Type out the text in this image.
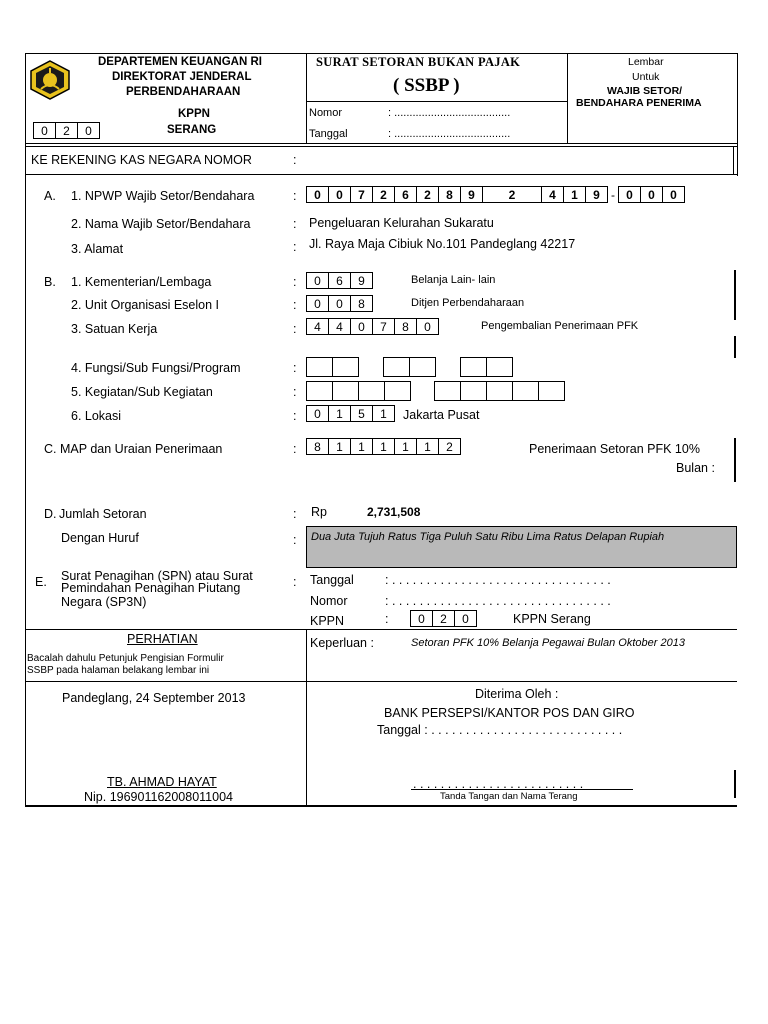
DEPARTEMEN KEUANGAN RI
DIREKTORAT JENDERAL
PERBENDAHARAAN
KPPN
SERANG
0	2	0
SURAT SETORAN BUKAN PAJAK
( SSBP )
Nomor	: ......................................
Tanggal	: ......................................
Lembar
Untuk
WAJIB SETOR/
BENDAHARA PENERIMA
KE REKENING KAS NEGARA NOMOR	:
A. 1. NPWP Wajib Setor/Bendahara	:	0	0	7	2	6	2	8	9	2	4	1	9 - 0	0	0
2. Nama Wajib Setor/Bendahara	: Pengeluaran Kelurahan Sukaratu
3. Alamat	: Jl. Raya Maja Cibiuk No.101 Pandeglang 42217
B. 1. Kementerian/Lembaga	:	0	6	9	Belanja Lain- lain
2. Unit Organisasi Eselon I	:	0	0	8	Ditjen Perbendaharaan
3. Satuan Kerja	:	4	4	0	7	8	0	Pengembalian Penerimaan PFK
4. Fungsi/Sub Fungsi/Program	:
5. Kegiatan/Sub Kegiatan	:
6. Lokasi	:	0	1	5	1	Jakarta Pusat
C. MAP dan Uraian Penerimaan	:	8	1	1	1	1	1	2	Penerimaan Setoran PFK 10%
Bulan :
D. Jumlah Setoran	: Rp	2,731,508
Dengan Huruf	: Dua Juta Tujuh Ratus Tiga Puluh Satu Ribu Lima Ratus Delapan Rupiah
E. Surat Penagihan (SPN) atau Surat
Pemindahan Penagihan Piutang
Negara (SP3N)
: Tanggal : . . . . . . . . . . . . . . . . . . . . . . . . . . . . . . . .
Nomor	: . . . . . . . . . . . . . . . . . . . . . . . . . . . . . . . .
KPPN	:	0	2	0	KPPN Serang
PERHATIAN
Bacalah dahulu Petunjuk Pengisian Formulir
SSBP pada halaman belakang lembar ini
Keperluan :	Setoran PFK 10% Belanja Pegawai Bulan Oktober 2013
Pandeglang, 24 September 2013
TB. AHMAD HAYAT
Nip. 196901162008011004
Diterima Oleh :
BANK PERSEPSI/KANTOR POS DAN GIRO
Tanggal : . . . . . . . . . . . . . . . . . . . . . . . . . . . .
. . . . . . . . . . . . . . . . . . . . . . . . .
Tanda Tangan dan Nama Terang
